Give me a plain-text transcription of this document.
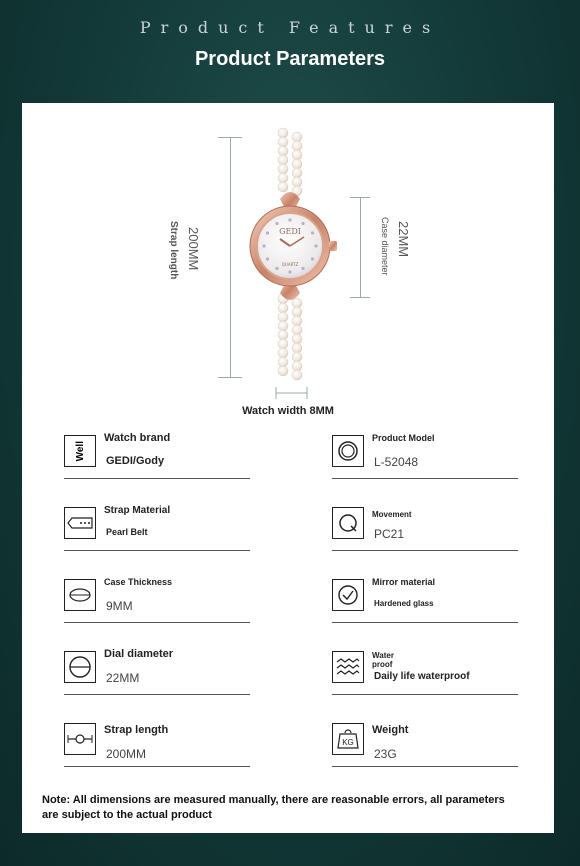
Product Features
Product Parameters
200MM
Strap length	22MM
Case diameter
GEDI
QUARTZ
Watch width 8MM
Well
Watch brand
GEDI/Gody
Product Model
L-52048
Strap Material
Pearl Belt
Movement
PC21
Case Thickness
9MM
Mirror material
Hardened glass
Dial diameter
22MM
Water proof
Daily life waterproof
Strap length
200MM
KG
Weight
23G
Note: All dimensions are measured manually, there are reasonable errors, all parameters are subject to the actual product
